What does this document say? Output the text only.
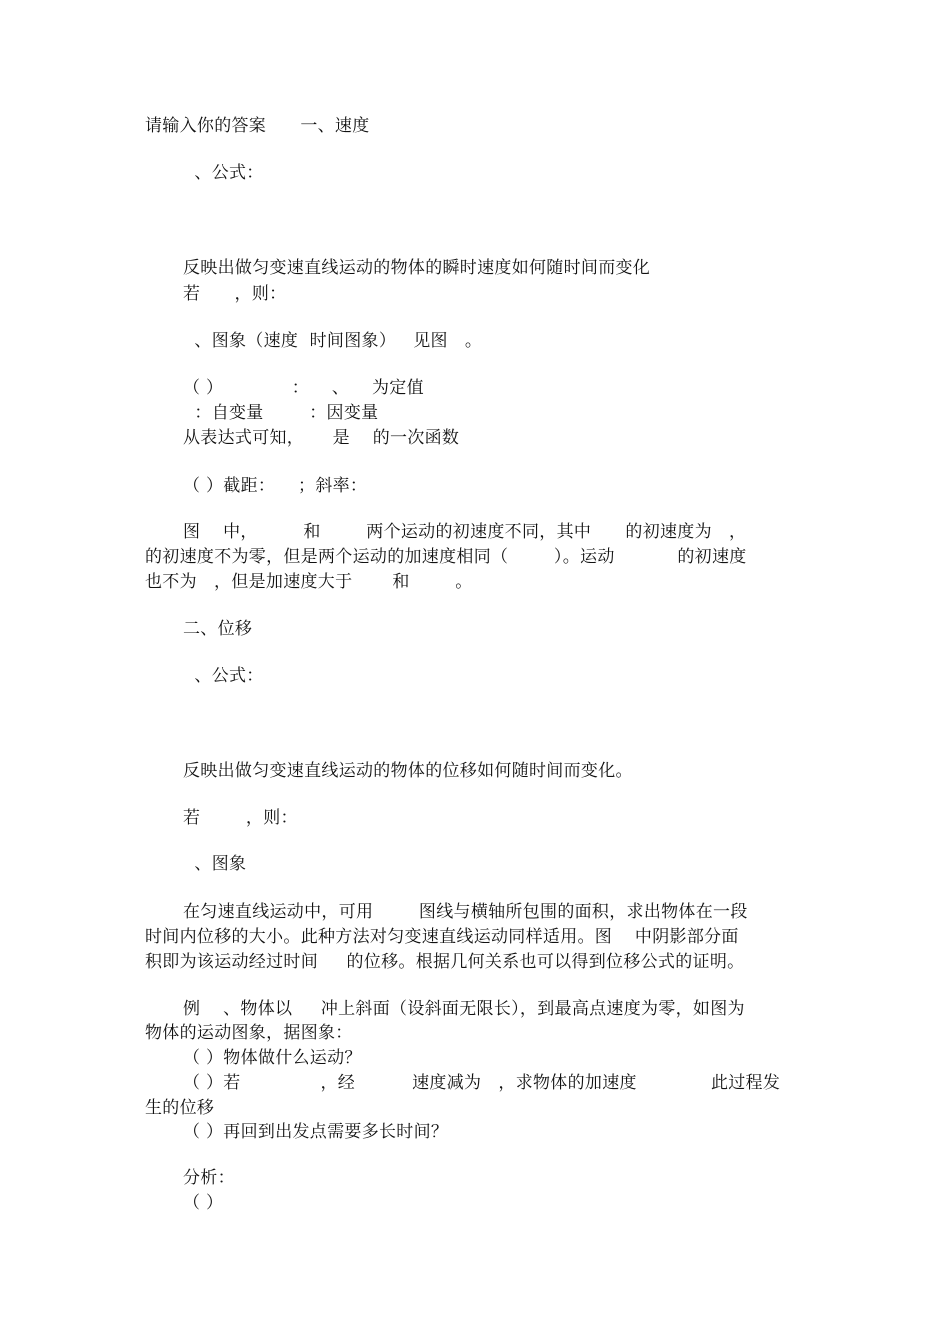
请输入你的答案      一、速度
、公式：
反映出做匀变速直线运动的物体的瞬时速度如何随时间而变化
若      ，则：
、图象（速度  时间图象）   见图   。
（ ）            ：    、    为定值
：自变量        ：因变量
从表达式可知，     是    的一次函数
（ ）截距：    ；斜率：
图    中，        和        两个运动的初速度不同，其中      的初速度为   ，
的初速度不为零，但是两个运动的加速度相同（        ）。运动           的初速度
也不为   ，但是加速度大于       和        。
二、位移
、公式：
反映出做匀变速直线运动的物体的位移如何随时间而变化。
若        ，则：
、图象
在匀速直线运动中，可用        图线与横轴所包围的面积，求出物体在一段
时间内位移的大小。此种方法对匀变速直线运动同样适用。图    中阴影部分面
积即为该运动经过时间     的位移。根据几何关系也可以得到位移公式的证明。
例    、物体以     冲上斜面（设斜面无限长），到最高点速度为零，如图为
物体的运动图象，据图象：
（ ）物体做什么运动？
（ ）若              ，经          速度减为   ，求物体的加速度             此过程发
生的位移
（ ）再回到出发点需要多长时间？
分析：
（ ）
